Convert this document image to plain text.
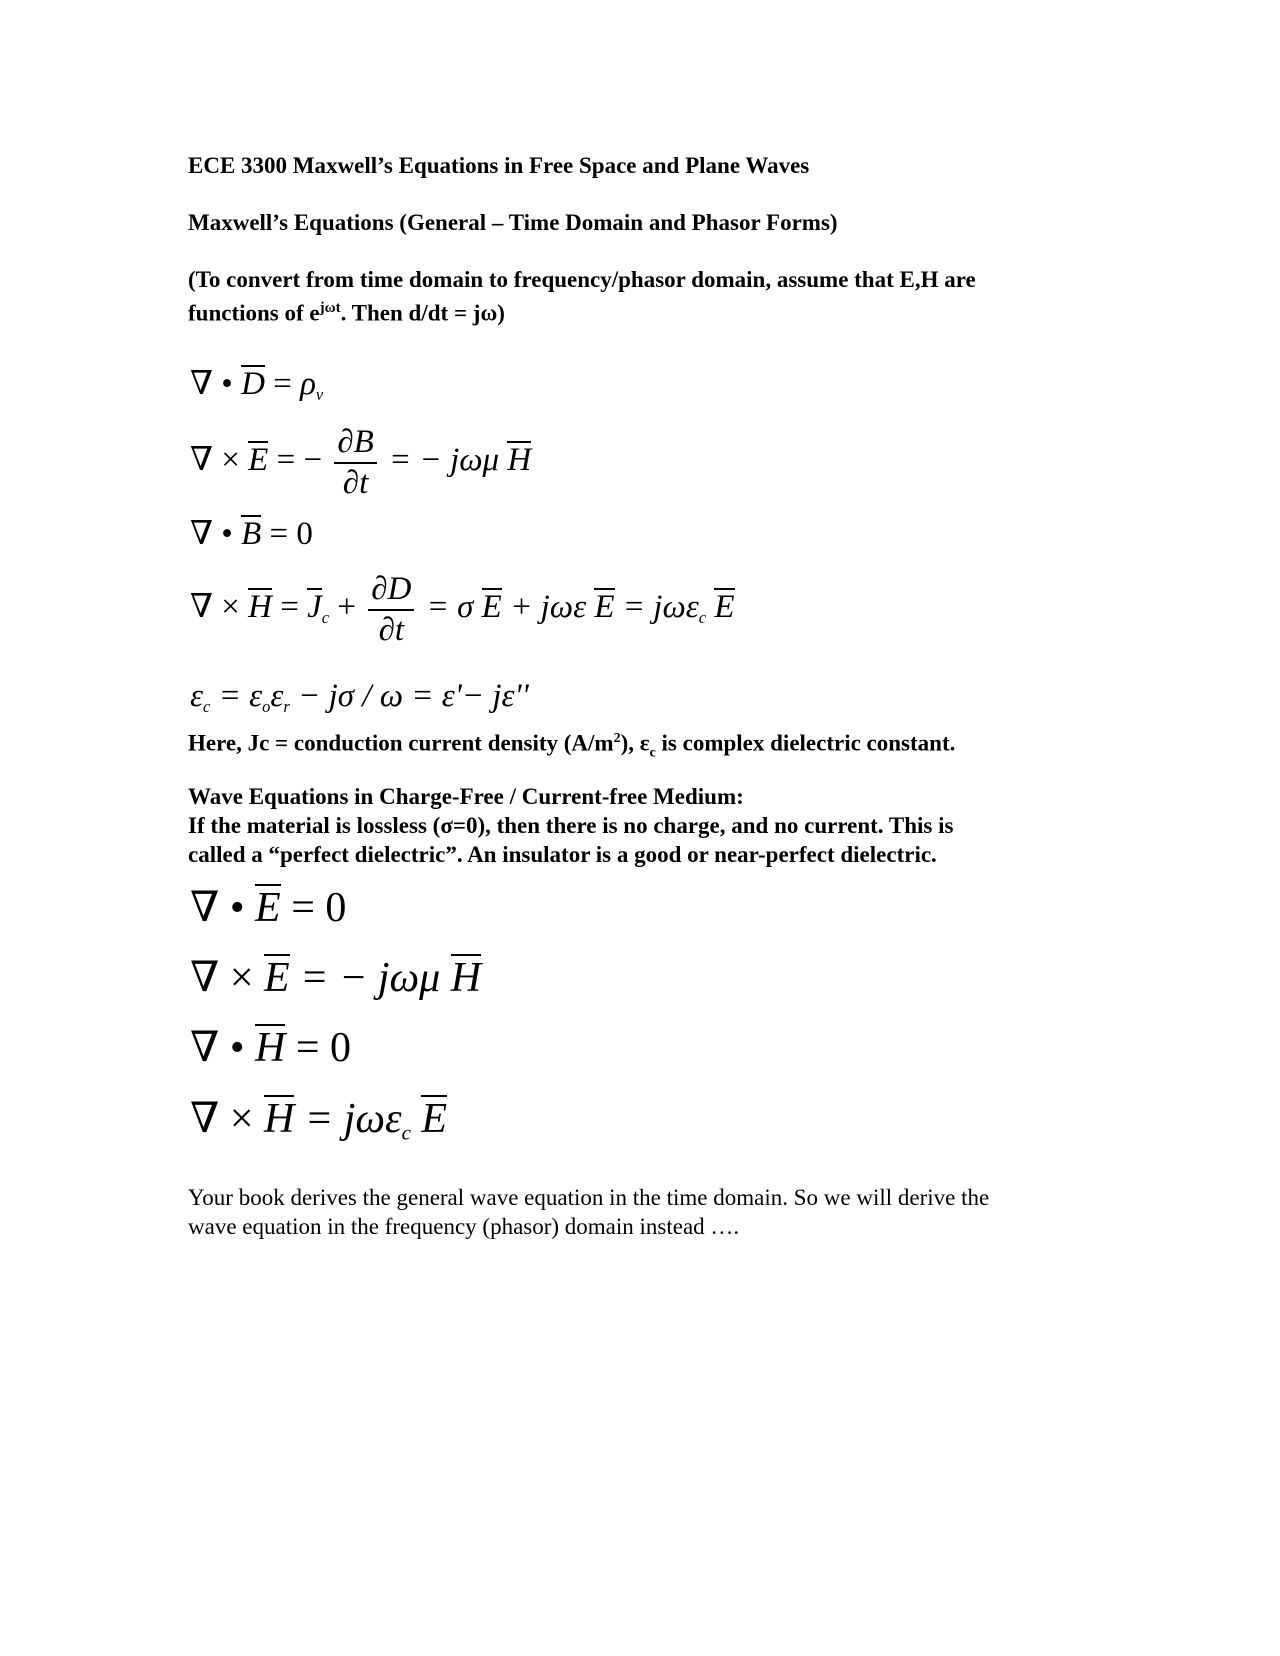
ECE 3300 Maxwell’s Equations in Free Space and Plane Waves
Maxwell’s Equations (General – Time Domain and Phasor Forms)
(To convert from time domain to frequency/phasor domain, assume that E,H are
functions of $e^{j\omega t}$. Then d/dt = jω)
∇ • $D = \rho_v$
∇ × E = − $\frac{\partial B}{\partial t}$ = − jωμ H
∇ • B = 0
∇ × $H = J_c + \frac{\partial D}{\partial t} = \sigma$ E + jωε E = jωε$_c$ E
$\varepsilon_c = \varepsilon_o\varepsilon_r - j\sigma / \omega = \varepsilon'- j\varepsilon''$
Here, Jc = conduction current density $(A/m^2)$, $\varepsilon_c$ is complex dielectric constant.
Wave Equations in Charge-Free / Current-free Medium:
If the material is lossless (σ=0), then there is no charge, and no current. This is
called a “perfect dielectric”. An insulator is a good or near-perfect dielectric.
∇ • E = 0
∇ × E = − jωμ H
∇ • H = 0
∇ × H = jωε$_c$ E
Your book derives the general wave equation in the time domain. So we will derive the
wave equation in the frequency (phasor) domain instead ….
